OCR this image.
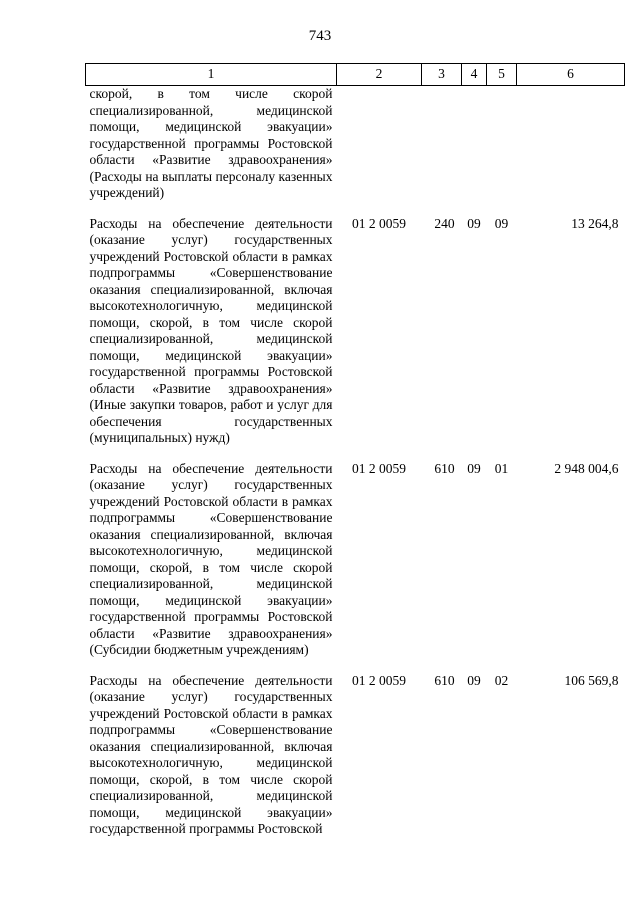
743
1	2	3	4	5	6
скорой, в том числе скорой специализированной, медицинской помощи, медицинской эвакуации» государственной программы Ростовской области «Развитие здравоохранения» (Расходы на выплаты персоналу казенных учреждений)					
Расходы на обеспечение деятельности (оказание услуг) государственных учреждений Ростовской области в рамках подпрограммы «Совершенствование оказания специализированной, включая высокотехнологичную, медицинской помощи, скорой, в том числе скорой специализированной, медицинской помощи, медицинской эвакуации» государственной программы Ростовской области «Развитие здравоохранения» (Иные закупки товаров, работ и услуг для обеспечения государственных (муниципальных) нужд)	01 2 0059	240	09	09	13 264,8
Расходы на обеспечение деятельности (оказание услуг) государственных учреждений Ростовской области в рамках подпрограммы «Совершенствование оказания специализированной, включая высокотехнологичную, медицинской помощи, скорой, в том числе скорой специализированной, медицинской помощи, медицинской эвакуации» государственной программы Ростовской области «Развитие здравоохранения» (Субсидии бюджетным учреждениям)	01 2 0059	610	09	01	2 948 004,6
Расходы на обеспечение деятельности (оказание услуг) государственных учреждений Ростовской области в рамках подпрограммы «Совершенствование оказания специализированной, включая высокотехнологичную, медицинской помощи, скорой, в том числе скорой специализированной, медицинской помощи, медицинской эвакуации» государственной программы Ростовской	01 2 0059	610	09	02	106 569,8
